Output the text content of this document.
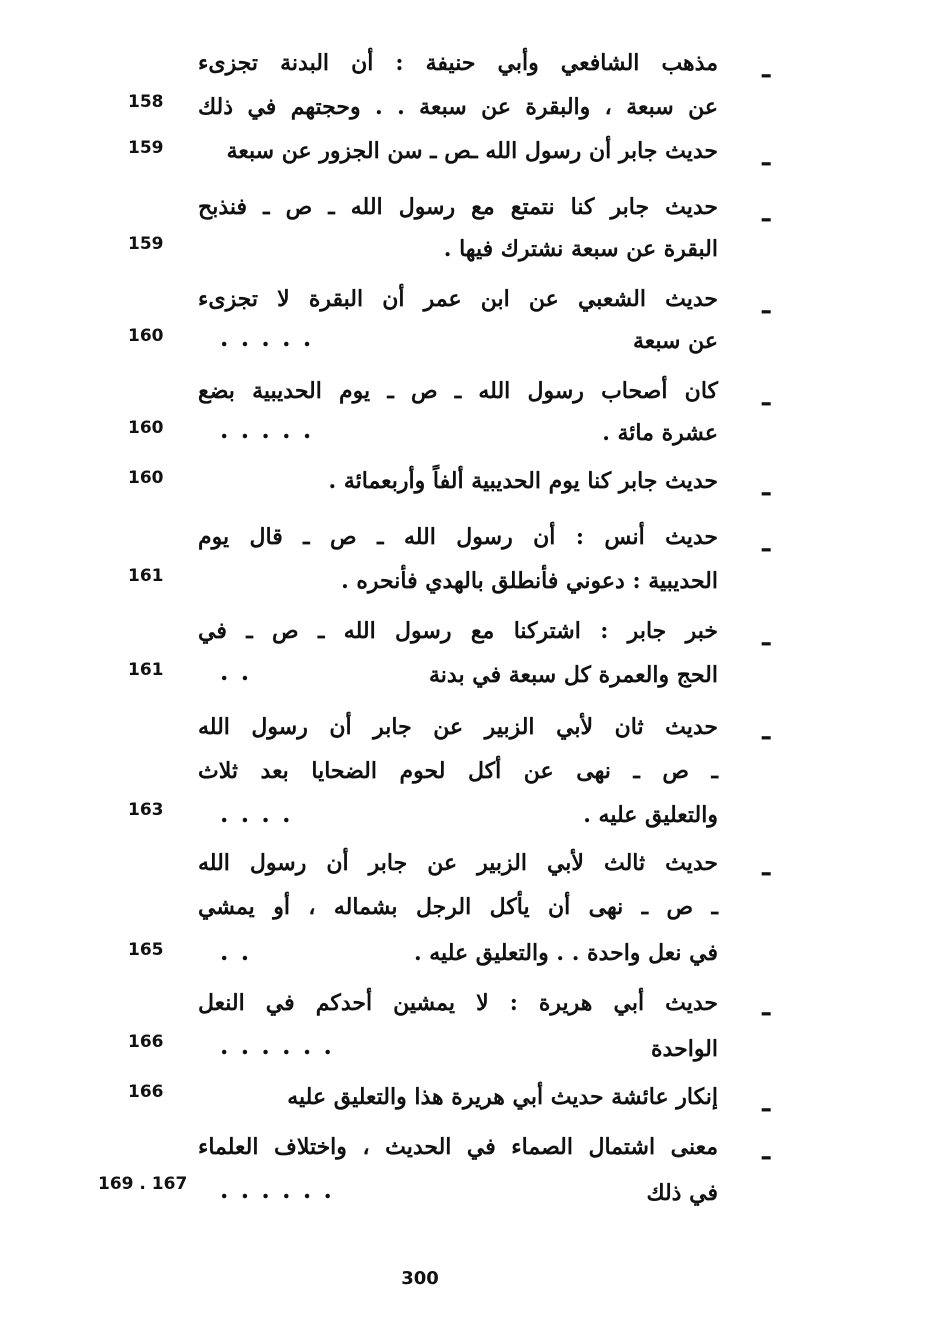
ـ
مذهب الشافعي وأبي حنيفة : أن البدنة تجزىء
عن سبعة ، والبقرة عن سبعة . . وحجتهم في ذلك
158
ـ
حديث جابر أن رسول الله ـص ـ سن الجزور عن سبعة
159
ـ
حديث جابر كنا نتمتع مع رسول الله ـ ص ـ فنذبح
البقرة عن سبعة نشترك فيها .
159
ـ
حديث الشعبي عن ابن عمر أن البقرة لا تجزىء
عن سبعة
. . . . .
160
ـ
كان أصحاب رسول الله ـ ص ـ يوم الحديبية بضع
عشرة مائة .
. . . . .
160
ـ
حديث جابر كنا يوم الحديبية ألفاً وأربعمائة .
160
ـ
حديث أنس : أن رسول الله ـ ص ـ قال يوم
الحديبية : دعوني فأنطلق بالهدي فأنحره .
161
ـ
خبر جابر : اشتركنا مع رسول الله ـ ص ـ في
الحج والعمرة كل سبعة في بدنة
. .
161
ـ
حديث ثان لأبي الزبير عن جابر أن رسول الله
ـ ص ـ نهى عن أكل لحوم الضحايا بعد ثلاث
والتعليق عليه .
. . . .
163
ـ
حديث ثالث لأبي الزبير عن جابر أن رسول الله
ـ ص ـ نهى أن يأكل الرجل بشماله ، أو يمشي
في نعل واحدة . . والتعليق عليه .
. .
165
ـ
حديث أبي هريرة : لا يمشين أحدكم في النعل
الواحدة
. . . . . .
166
ـ
إنكار عائشة حديث أبي هريرة هذا والتعليق عليه
166
ـ
معنى اشتمال الصماء في الحديث ، واختلاف العلماء
في ذلك
. . . . . .
169 . 167
300
